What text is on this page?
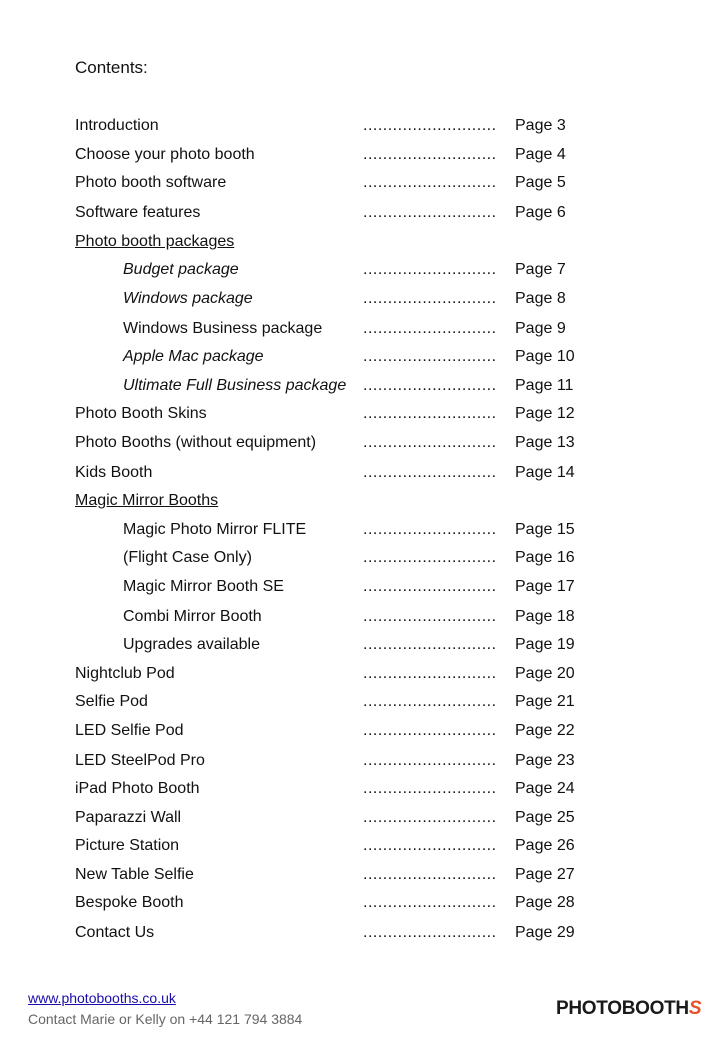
Contents:
Introduction	........................... Page 3
Choose your photo booth	........................... Page 4
Photo booth software	........................... Page 5
Software features	........................... Page 6
Photo booth packages
Budget package	........................... Page 7
Windows package	........................... Page 8
Windows Business package	........................... Page 9
Apple Mac package	........................... Page 10
Ultimate Full Business package ........................... Page 11
Photo Booth Skins	........................... Page 12
Photo Booths (without equipment)	........................... Page 13
Kids Booth	........................... Page 14
Magic Mirror Booths
Magic Photo Mirror FLITE	........................... Page 15
(Flight Case Only)	........................... Page 16
Magic Mirror Booth SE	........................... Page 17
Combi Mirror Booth	........................... Page 18
Upgrades available	........................... Page 19
Nightclub Pod	........................... Page 20
Selfie Pod	........................... Page 21
LED Selfie Pod	........................... Page 22
LED SteelPod Pro	........................... Page 23
iPad Photo Booth	........................... Page 24
Paparazzi Wall	........................... Page 25
Picture Station	........................... Page 26
New Table Selfie	........................... Page 27
Bespoke Booth	........................... Page 28
Contact Us	........................... Page 29
www.photobooths.co.uk
Contact Marie or Kelly on +44 121 794 3884	PHOTOBOOTHS
